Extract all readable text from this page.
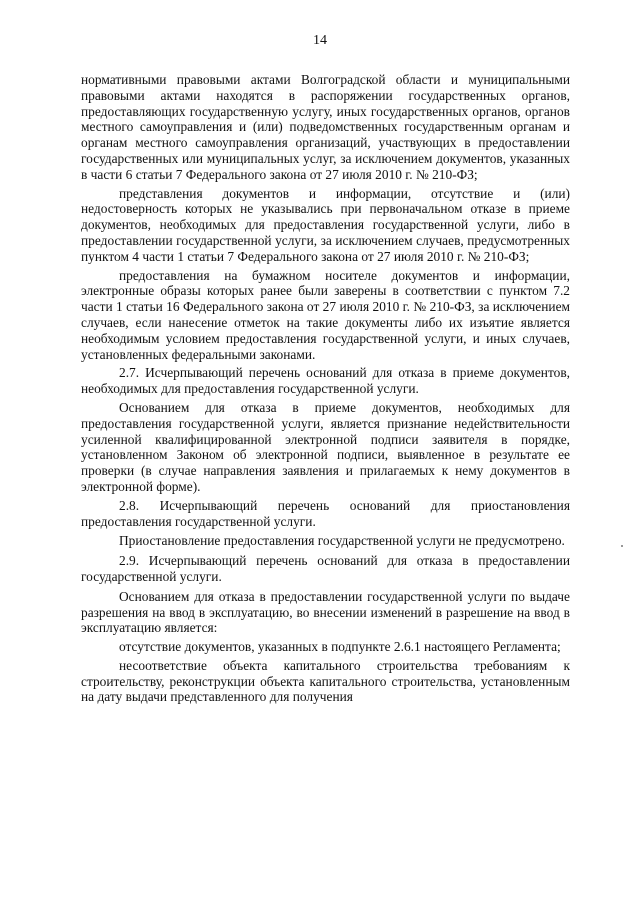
14

нормативными правовыми актами Волгоградской области и муниципальными правовыми актами находятся в распоряжении государственных органов, предоставляющих государственную услугу, иных государственных органов, органов местного самоуправления и (или) подведомственных государственным органам и органам местного самоуправления организаций, участвующих в предоставлении государственных или муниципальных услуг, за исключением документов, указанных в части 6 статьи 7 Федерального закона от 27 июля 2010 г. № 210-ФЗ;

представления документов и информации, отсутствие и (или) недостоверность которых не указывались при первоначальном отказе в приеме документов, необходимых для предоставления государственной услуги, либо в предоставлении государственной услуги, за исключением случаев, предусмотренных пунктом 4 части 1 статьи 7 Федерального закона от 27 июля 2010 г. № 210-ФЗ;

предоставления на бумажном носителе документов и информации, электронные образы которых ранее были заверены в соответствии с пунктом 7.2 части 1 статьи 16 Федерального закона от 27 июля 2010 г. № 210-ФЗ, за исключением случаев, если нанесение отметок на такие документы либо их изъятие является необходимым условием предоставления государственной услуги, и иных случаев, установленных федеральными законами.

2.7. Исчерпывающий перечень оснований для отказа в приеме документов, необходимых для предоставления государственной услуги.

Основанием для отказа в приеме документов, необходимых для предоставления государственной услуги, является признание недействительности усиленной квалифицированной электронной подписи заявителя в порядке, установленном Законом об электронной подписи, выявленное в результате ее проверки (в случае направления заявления и прилагаемых к нему документов в электронной форме).

2.8. Исчерпывающий перечень оснований для приостановления предоставления государственной услуги.

Приостановление предоставления государственной услуги не предусмотрено.

2.9. Исчерпывающий перечень оснований для отказа в предоставлении государственной услуги.

Основанием для отказа в предоставлении государственной услуги по выдаче разрешения на ввод в эксплуатацию, во внесении изменений в разрешение на ввод в эксплуатацию является:

отсутствие документов, указанных в подпункте 2.6.1 настоящего Регламента;

несоответствие объекта капитального строительства требованиям к строительству, реконструкции объекта капитального строительства, установленным на дату выдачи представленного для получения
